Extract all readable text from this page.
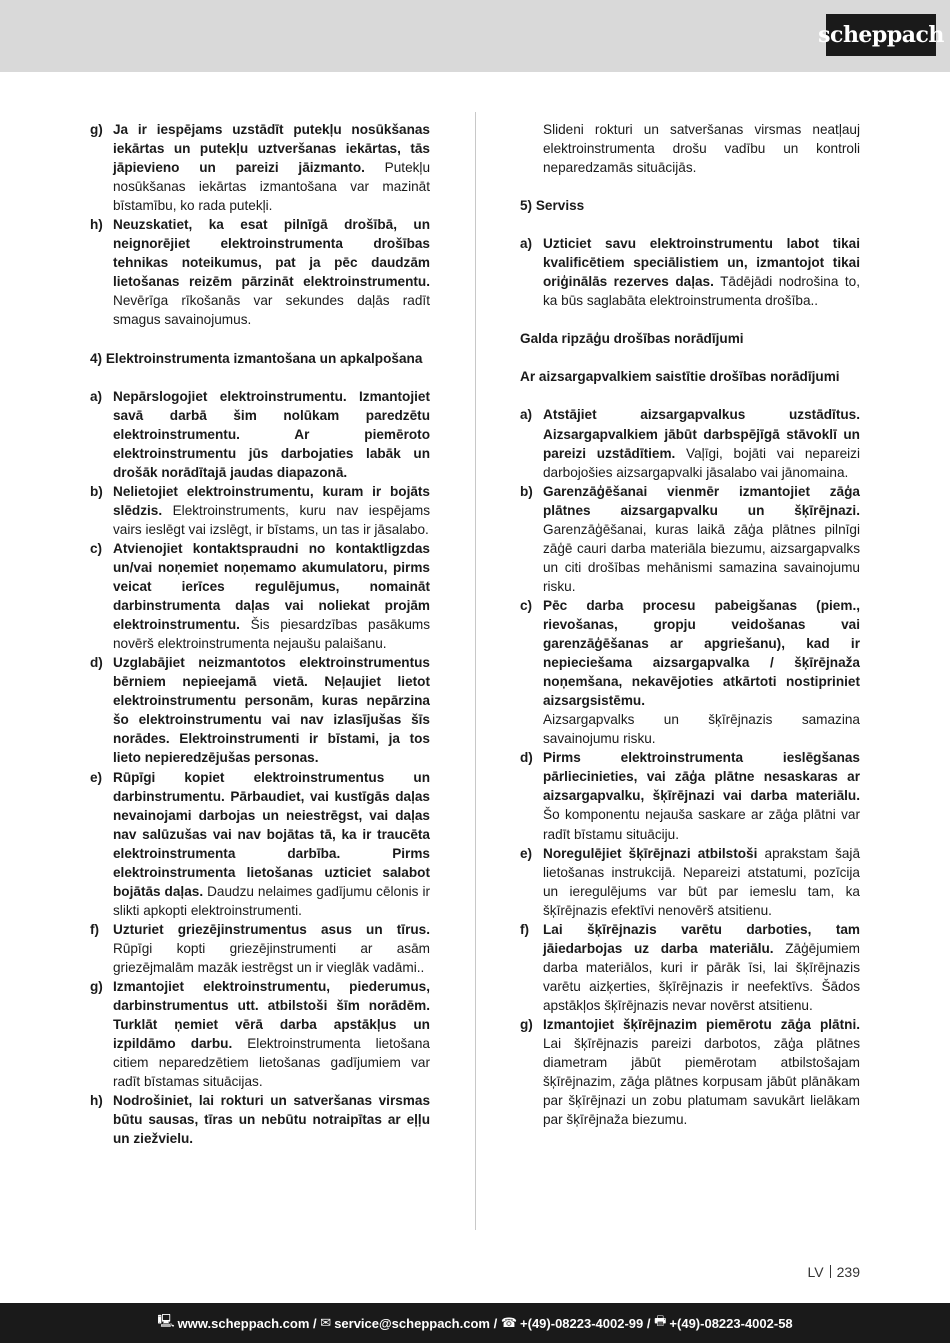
scheppach
g) Ja ir iespējams uzstādīt putekļu nosūkšanas iekārtas un putekļu uztveršanas iekārtas, tās jāpievieno un pareizi jāizmanto. Putekļu nosūkšanas iekārtas izmantošana var mazināt bīstamību, ko rada putekļi.
h) Neuzskatiet, ka esat pilnīgā drošībā, un neignorējiet elektroinstrumenta drošības tehnikas noteikumus, pat ja pēc daudzām lietošanas reizēm pārzināt elektroinstrumentu. Nevērīga rīkošanās var sekundes daļās radīt smagus savainojumus.
4) Elektroinstrumenta izmantošana un apkalpošana
a) Nepārslogojiet elektroinstrumentu. Izmantojiet savā darbā šim nolūkam paredzētu elektroinstrumentu. Ar piemēroto elektroinstrumentu jūs darbojaties labāk un drošāk norādītajā jaudas diapazonā.
b) Nelietojiet elektroinstrumentu, kuram ir bojāts slēdzis. Elektroinstruments, kuru nav iespējams vairs ieslēgt vai izslēgt, ir bīstams, un tas ir jāsalabo.
c) Atvienojiet kontaktspraudni no kontaktligzdas un/vai noņemiet noņemamo akumulatoru, pirms veicat ierīces regulējumus, nomaināt darbinstrumenta daļas vai noliekat projām elektroinstrumentu. Šis piesardzības pasākums novērš elektroinstrumenta nejaušu palaišanu.
d) Uzglabājiet neizmantotos elektroinstrumentus bērniem nepieejamā vietā. Neļaujiet lietot elektroinstrumentu personām, kuras nepārzina šo elektroinstrumentu vai nav izlasījušas šīs norādes. Elektroinstrumenti ir bīstami, ja tos lieto nepieredzējušas personas.
e) Rūpīgi kopiet elektroinstrumentus un darbinstrumentu. Pārbaudiet, vai kustīgās daļas nevainojami darbojas un neiestrēgst, vai daļas nav salūzušas vai nav bojātas tā, ka ir traucēta elektroinstrumenta darbība. Pirms elektroinstrumenta lietošanas uzticiet salabot bojātās daļas. Daudzu nelaimes gadījumu cēlonis ir slikti apkopti elektroinstrumenti.
f)	Uzturiet griezējinstrumentus asus un tīrus. Rūpīgi kopti griezējinstrumenti ar asām griezējmalām mazāk iestrēgst un ir vieglāk vadāmi..
g) Izmantojiet elektroinstrumentu, piederumus, darbinstrumentus utt. atbilstoši šīm norādēm. Turklāt ņemiet vērā darba apstākļus un izpildāmo darbu. Elektroinstrumenta lietošana citiem neparedzētiem lietošanas gadījumiem var radīt bīstamas situācijas.
h) Nodrošiniet, lai rokturi un satveršanas virsmas būtu sausas, tīras un nebūtu notraipītas ar eļļu un ziežvielu.
Slideni rokturi un satveršanas virsmas neatļauj elektroinstrumenta drošu vadību un kontroli neparedzamās situācijās.
5) Serviss
a) Uzticiet savu elektroinstrumentu labot tikai kvalificētiem speciālistiem un, izmantojot tikai oriģinālās rezerves daļas. Tādējādi nodrošina to, ka būs saglabāta elektroinstrumenta drošība..
Galda ripzāģu drošības norādījumi
Ar aizsargapvalkiem saistītie drošības norādījumi
a) Atstājiet aizsargapvalkus uzstādītus. Aizsargapvalkiem jābūt darbspējīgā stāvoklī un pareizi uzstādītiem. Vaļīgi, bojāti vai nepareizi darbojošies aizsargapvalki jāsalabo vai jānomaina.
b) Garenzāģēšanai vienmēr izmantojiet zāģa plātnes aizsargapvalku un šķīrējnazi. Garenzāģēšanai, kuras laikā zāģa plātnes pilnīgi zāģē cauri darba materiāla biezumu, aizsargapvalks un citi drošības mehānismi samazina savainojumu risku.
c) Pēc darba procesu pabeigšanas (piem., rievošanas, gropju veidošanas vai garenzāģēšanas ar apgriešanu), kad ir nepieciešama aizsargapvalka / šķīrējnaža noņemšana, nekavējoties atkārtoti nostipriniet aizsargsistēmu.
Aizsargapvalks un šķīrējnazis samazina savainojumu risku.
d) Pirms elektroinstrumenta ieslēgšanas pārliecinieties, vai zāģa plātne nesaskaras ar aizsargapvalku, šķīrējnazi vai darba materiālu. Šo komponentu nejauša saskare ar zāģa plātni var radīt bīstamu situāciju.
e) Noregulējiet šķīrējnazi atbilstoši aprakstam šajā lietošanas instrukcijā. Nepareizi atstatumi, pozīcija un ieregulējums var būt par iemeslu tam, ka šķīrējnazis efektīvi nenovērš atsitienu.
f)	Lai šķīrējnazis varētu darboties, tam jāiedarbojas uz darba materiālu. Zāģējumiem darba materiālos, kuri ir pārāk īsi, lai šķīrējnazis varētu aizķerties, šķīrējnazis ir neefektīvs. Šādos apstākļos šķīrējnazis nevar novērst atsitienu.
g) Izmantojiet šķīrējnazim piemērotu zāģa plātni. Lai šķīrējnazis pareizi darbotos, zāģa plātnes diametram jābūt piemērotam atbilstošajam šķīrējnazim, zāģa plātnes korpusam jābūt plānākam par šķīrējnazi un zobu platumam savukārt lielākam par šķīrējnaža biezumu.
LV 239
🖳 www.scheppach.com
/
✉ service@scheppach.com
/
☎ +(49)-08223-4002-99
/
🖶 +(49)-08223-4002-58
